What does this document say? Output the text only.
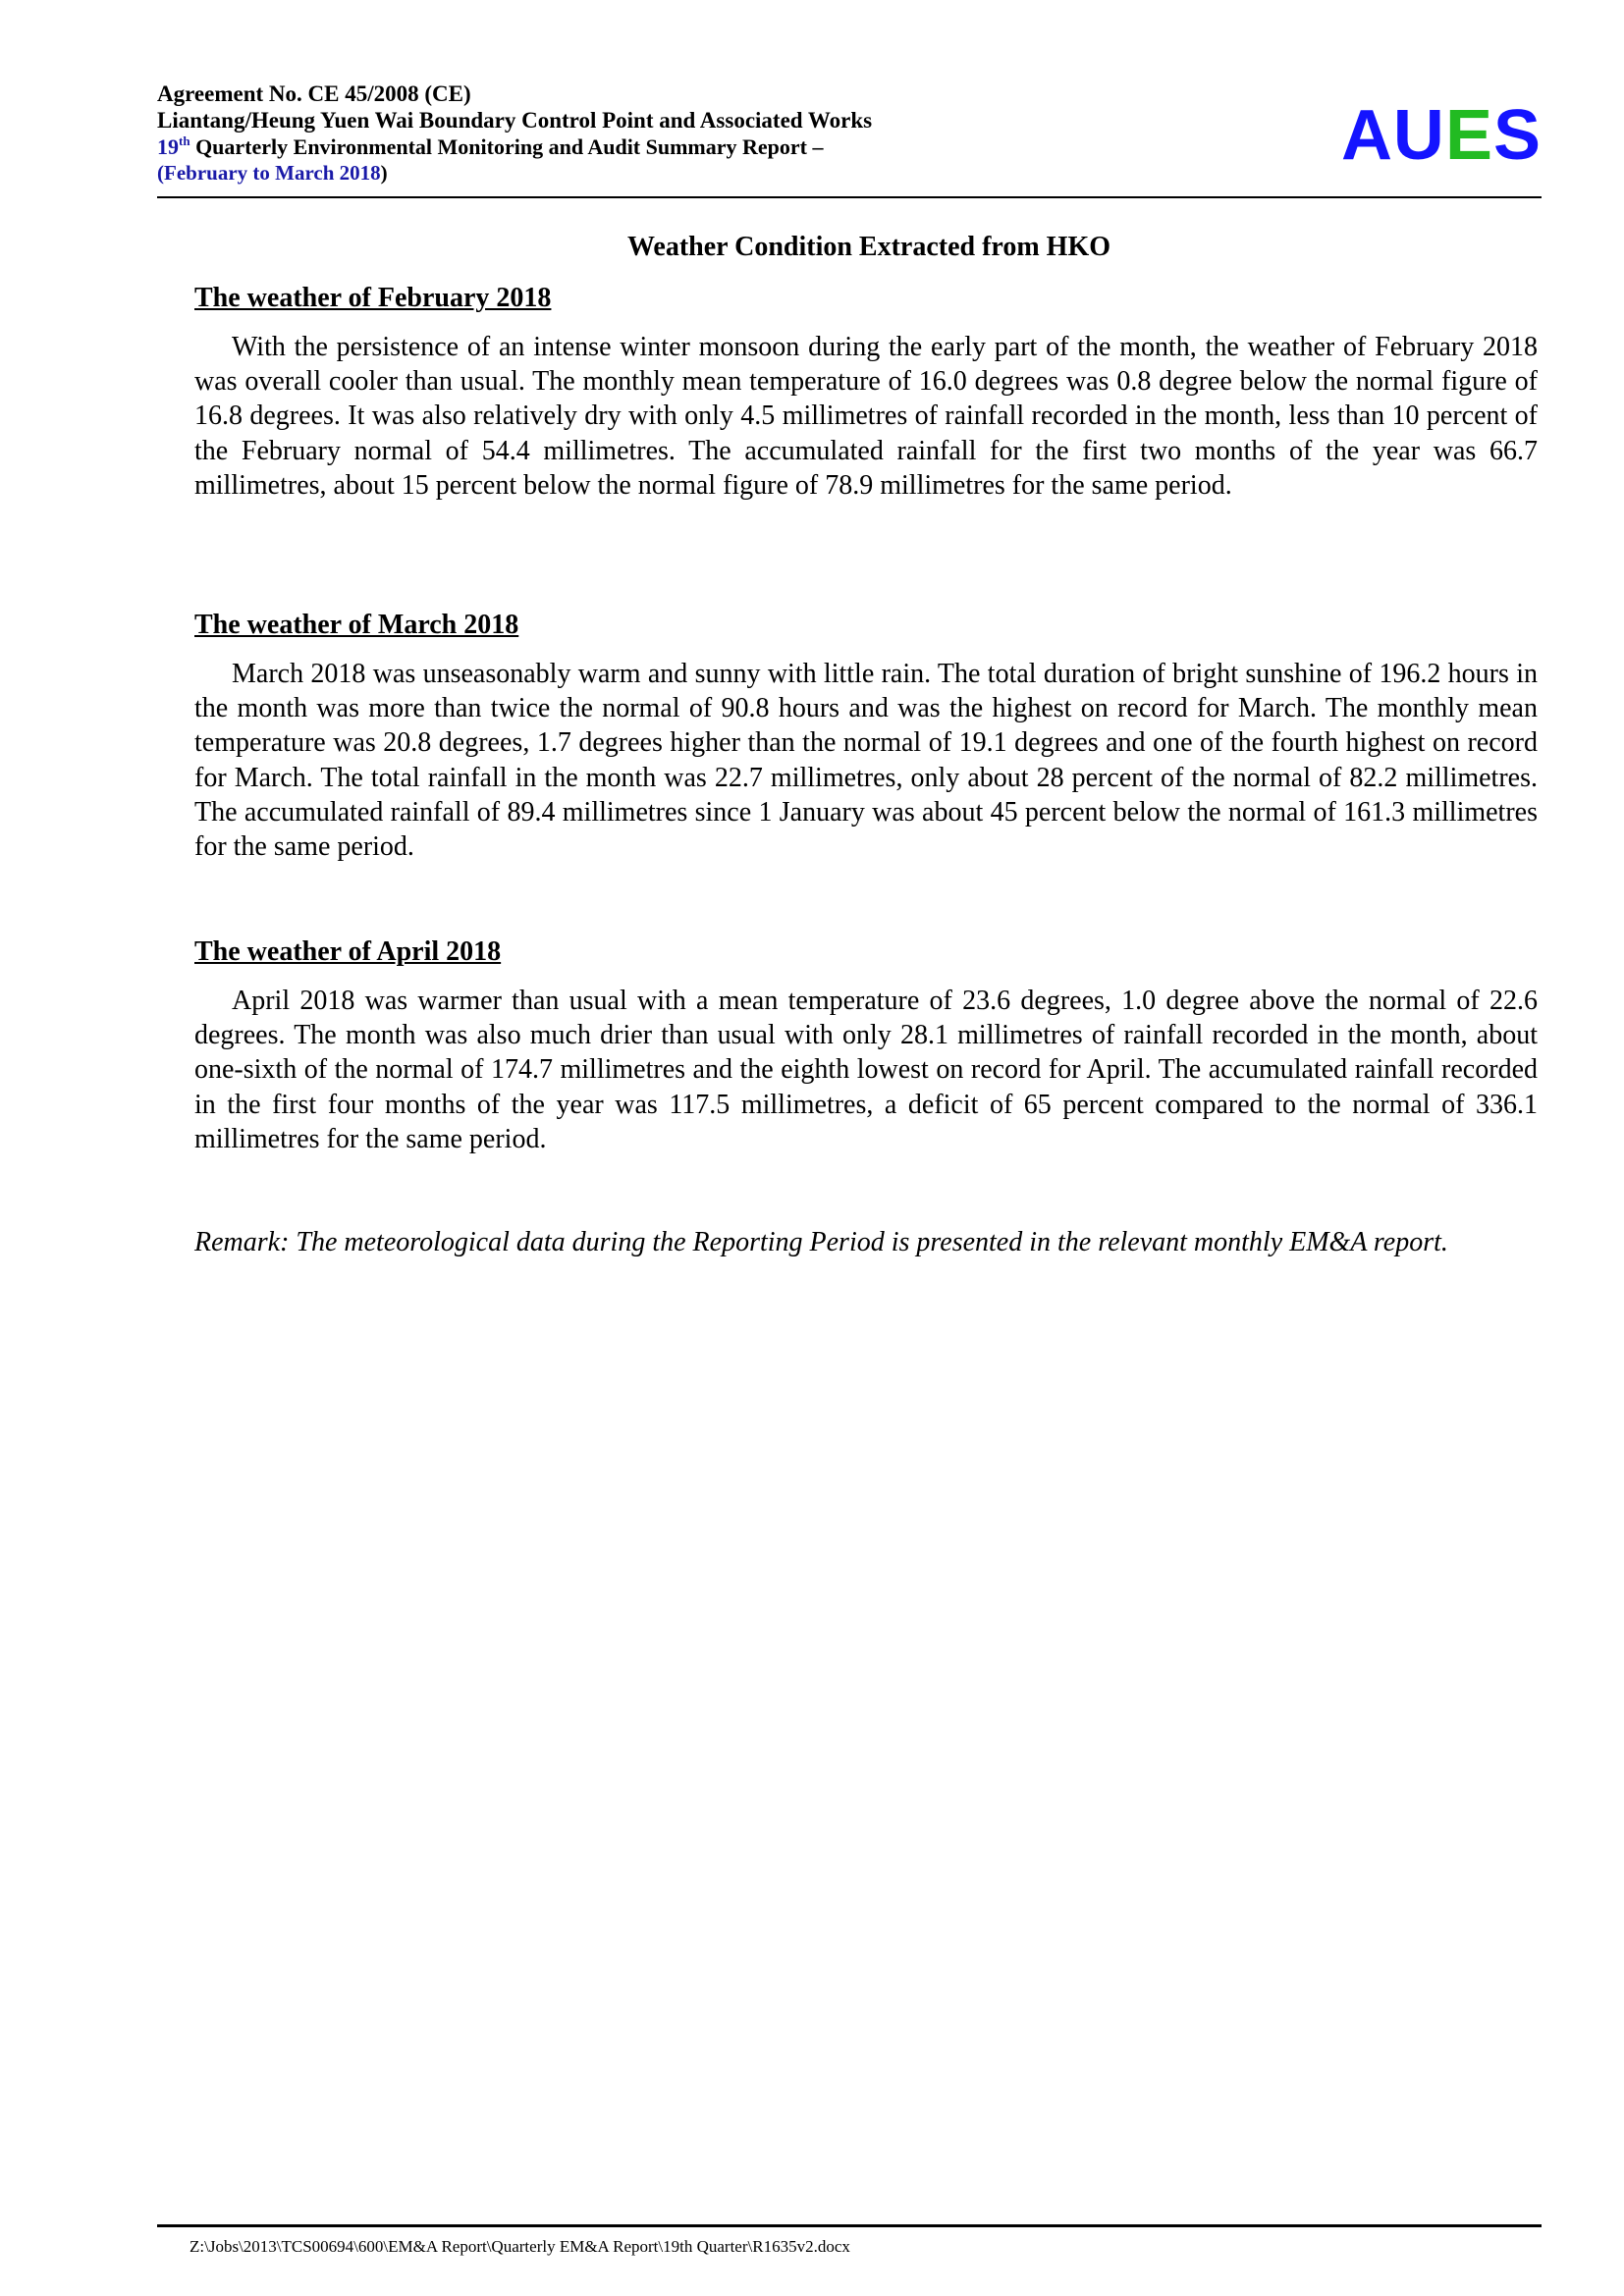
Agreement No. CE 45/2008 (CE)
Liantang/Heung Yuen Wai Boundary Control Point and Associated Works
19th Quarterly Environmental Monitoring and Audit Summary Report –
(February to March 2018)	AUES
Weather Condition Extracted from HKO
The weather of February 2018

With the persistence of an intense winter monsoon during the early part of the month, the weather of February 2018 was overall cooler than usual. The monthly mean temperature of 16.0 degrees was 0.8 degree below the normal figure of 16.8 degrees. It was also relatively dry with only 4.5 millimetres of rainfall recorded in the month, less than 10 percent of the February normal of 54.4 millimetres. The accumulated rainfall for the first two months of the year was 66.7 millimetres, about 15 percent below the normal figure of 78.9 millimetres for the same period.

The weather of March 2018

March 2018 was unseasonably warm and sunny with little rain. The total duration of bright sunshine of 196.2 hours in the month was more than twice the normal of 90.8 hours and was the highest on record for March. The monthly mean temperature was 20.8 degrees, 1.7 degrees higher than the normal of 19.1 degrees and one of the fourth highest on record for March. The total rainfall in the month was 22.7 millimetres, only about 28 percent of the normal of 82.2 millimetres. The accumulated rainfall of 89.4 millimetres since 1 January was about 45 percent below the normal of 161.3 millimetres for the same period.

The weather of April 2018

April 2018 was warmer than usual with a mean temperature of 23.6 degrees, 1.0 degree above the normal of 22.6 degrees. The month was also much drier than usual with only 28.1 millimetres of rainfall recorded in the month, about one-sixth of the normal of 174.7 millimetres and the eighth lowest on record for April. The accumulated rainfall recorded in the first four months of the year was 117.5 millimetres, a deficit of 65 percent compared to the normal of 336.1 millimetres for the same period.

Remark: The meteorological data during the Reporting Period is presented in the relevant monthly EM&A report.
Z:\Jobs\2013\TCS00694\600\EM&A Report\Quarterly EM&A Report\19th Quarter\R1635v2.docx
